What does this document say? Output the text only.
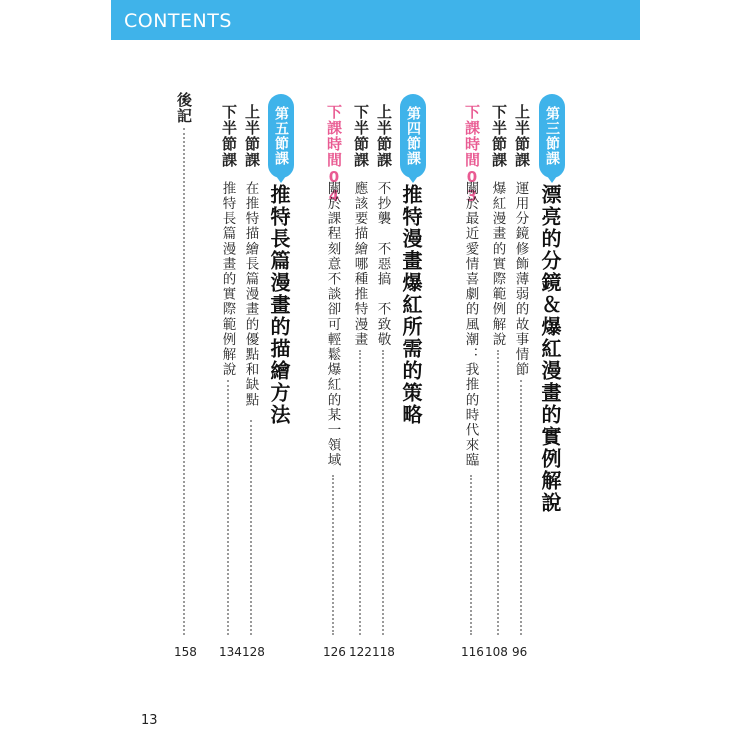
CONTENTS
第三節課
漂亮的分鏡＆爆紅漫畫的實例解說
上半節課
運用分鏡修飾薄弱的故事情節
96
下半節課
爆紅漫畫的實際範例解說
108
下課時間03
關於最近愛情喜劇的風潮：我推的時代來臨
116
第四節課
推特漫畫爆紅所需的策略
上半節課
不抄襲　不惡搞　不致敬
118
下半節課
應該要描繪哪種推特漫畫
122
下課時間04
關於課程刻意不談卻可輕鬆爆紅的某一領域
126
第五節課
推特長篇漫畫的描繪方法
上半節課
在推特描繪長篇漫畫的優點和缺點
128
下半節課
推特長篇漫畫的實際範例解說
134
後記
158
13
